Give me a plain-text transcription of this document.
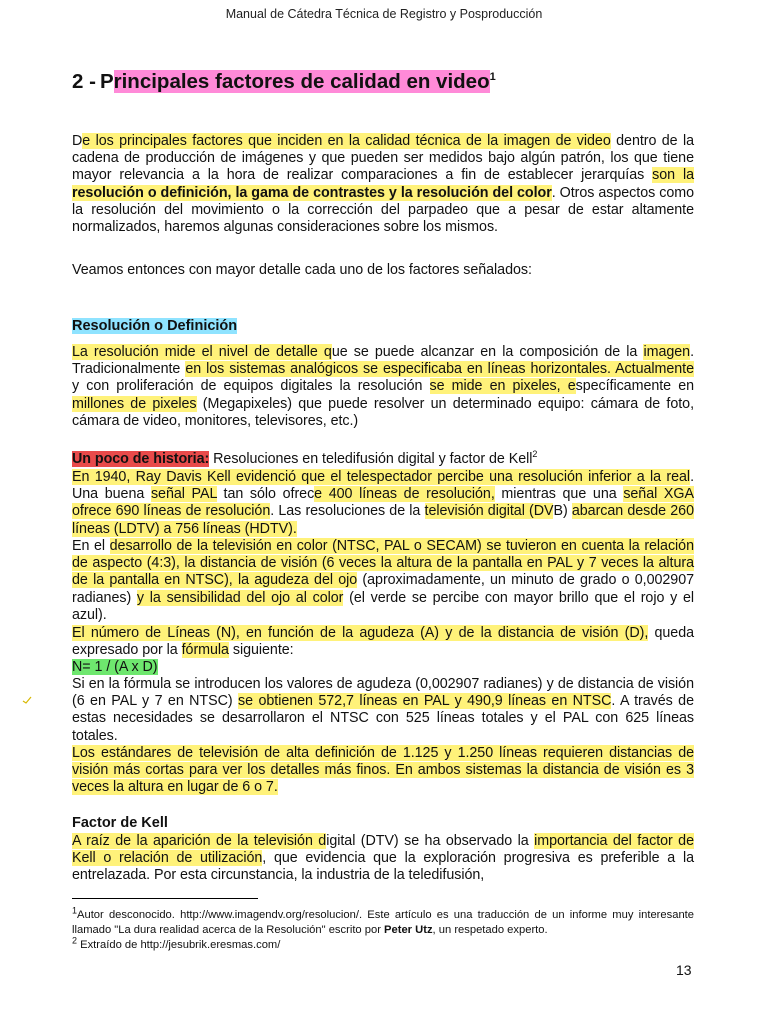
Manual de Cátedra Técnica de Registro y Posproducción
2 - Principales factores de calidad en video$^1$

De los principales factores que inciden en la calidad técnica de la imagen de video dentro de la cadena de producción de imágenes y que pueden ser medidos bajo algún patrón, los que tiene mayor relevancia a la hora de realizar comparaciones a fin de establecer jerarquías son la resolución o definición, la gama de contrastes y la resolución del color. Otros aspectos como la resolución del movimiento o la corrección del parpadeo que a pesar de estar altamente normalizados, haremos algunas consideraciones sobre los mismos.

Veamos entonces con mayor detalle cada uno de los factores señalados:

Resolución o Definición

La resolución mide el nivel de detalle que se puede alcanzar en la composición de la imagen. Tradicionalmente en los sistemas analógicos se especificaba en líneas horizontales. Actualmente y con proliferación de equipos digitales la resolución se mide en pixeles, específicamente en millones de pixeles (Megapixeles) que puede resolver un determinado equipo: cámara de foto, cámara de video, monitores, televisores, etc.)

Un poco de historia: Resoluciones en teledifusión digital y factor de Kell$^2$

En 1940, Ray Davis Kell evidenció que el telespectador percibe una resolución inferior a la real. Una buena señal PAL tan sólo ofrece 400 líneas de resolución, mientras que una señal XGA ofrece 690 líneas de resolución. Las resoluciones de la televisión digital (DVB) abarcan desde 260 líneas (LDTV) a 756 líneas (HDTV).

En el desarrollo de la televisión en color (NTSC, PAL o SECAM) se tuvieron en cuenta la relación de aspecto (4:3), la distancia de visión (6 veces la altura de la pantalla en PAL y 7 veces la altura de la pantalla en NTSC), la agudeza del ojo (aproximadamente, un minuto de grado o 0,002907 radianes) y la sensibilidad del ojo al color (el verde se percibe con mayor brillo que el rojo y el azul).

El número de Líneas (N), en función de la agudeza (A) y de la distancia de visión (D), queda expresado por la fórmula siguiente:

N= 1 / (A x D)

Si en la fórmula se introducen los valores de agudeza (0,002907 radianes) y de distancia de visión (6 en PAL y 7 en NTSC) se obtienen 572,7 líneas en PAL y 490,9 líneas en NTSC. A través de estas necesidades se desarrollaron el NTSC con 525 líneas totales y el PAL con 625 líneas totales.

Los estándares de televisión de alta definición de 1.125 y 1.250 líneas requieren distancias de visión más cortas para ver los detalles más finos. En ambos sistemas la distancia de visión es 3 veces la altura en lugar de 6 o 7.

Factor de Kell

A raíz de la aparición de la televisión digital (DTV) se ha observado la importancia del factor de Kell o relación de utilización, que evidencia que la exploración progresiva es preferible a la entrelazada. Por esta circunstancia, la industria de la teledifusión,

$^1$Autor desconocido. http://www.imagendv.org/resolucion/. Este artículo es una traducción de un informe muy interesante llamado "La dura realidad acerca de la Resolución" escrito por Peter Utz, un respetado experto.

$^2$ Extraído de http://jesubrik.eresmas.com/

13
